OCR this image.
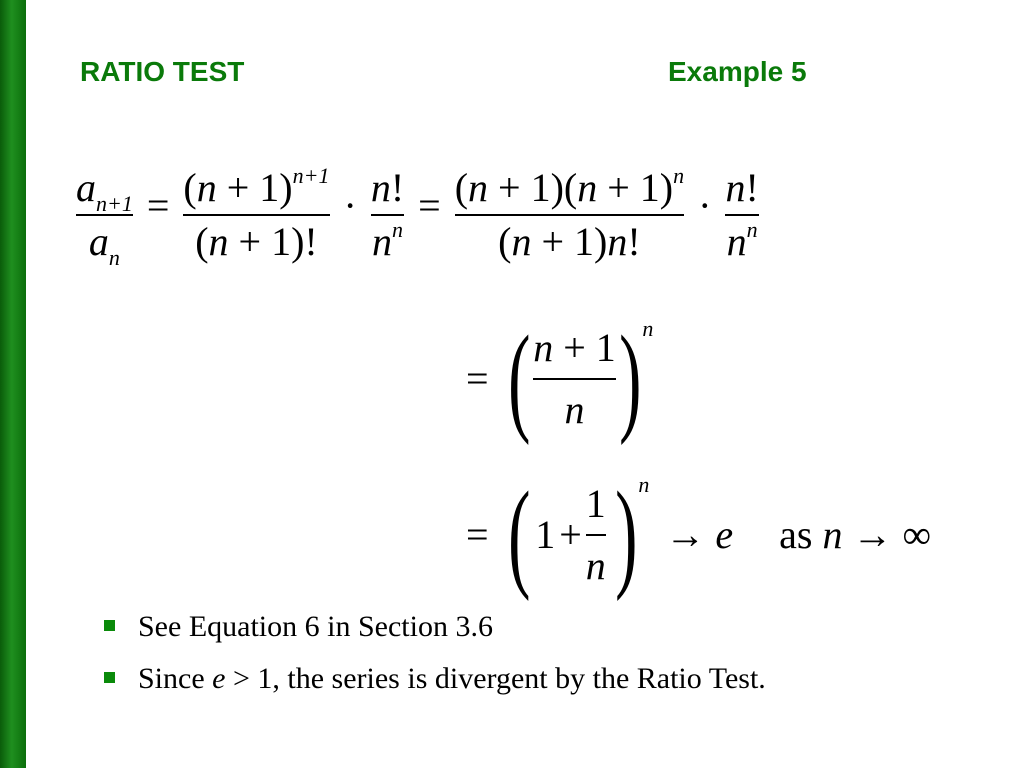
RATIO TEST	Example 5
$\frac{a_{n+1}}{a_n} = \frac{(n + 1)^{n+1}}{(n + 1)!} \cdot \frac{n!}{n^n} = \frac{(n + 1)(n + 1)^n}{(n + 1)n!} \cdot \frac{n!}{n^n}$
= ( $\frac{n + 1}{n}$ ) n
= ( $1 + \frac{1}{n}$ ) n
→ e as n → ∞
See Equation 6 in Section 3.6
Since e > 1, the series is divergent by the Ratio Test.
